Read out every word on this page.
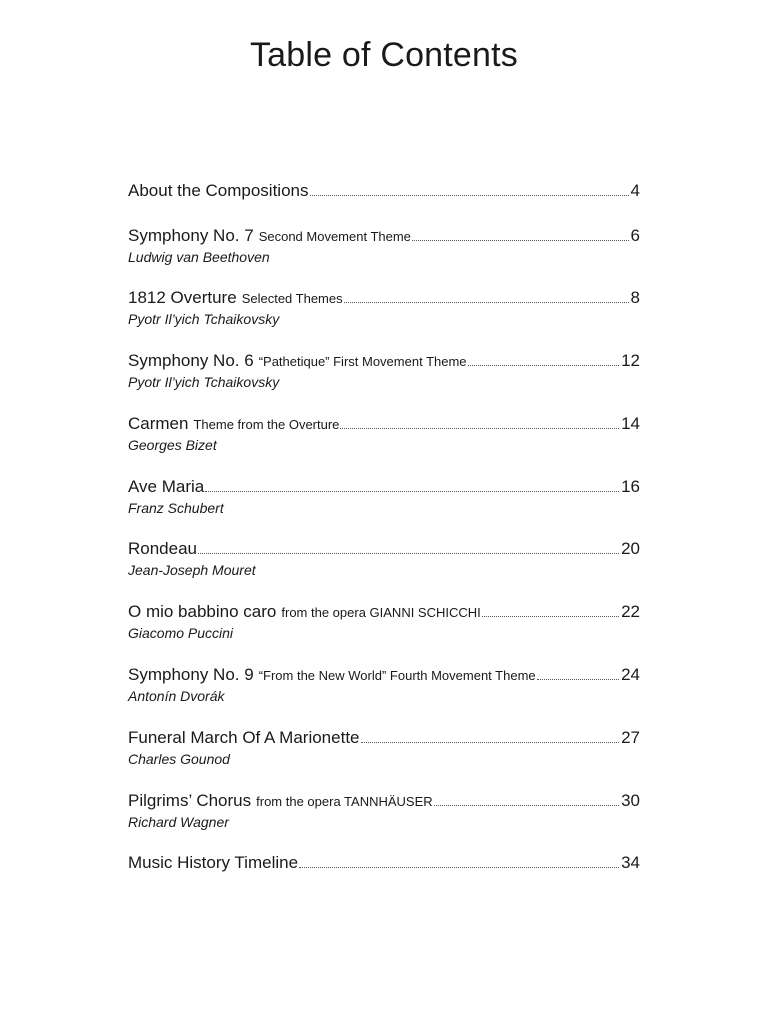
Table of Contents
About the Compositions	4
Symphony No. 7 Second Movement Theme	6
Ludwig van Beethoven
1812 Overture Selected Themes	8
Pyotr Il’yich Tchaikovsky
Symphony No. 6 “Pathetique” First Movement Theme	12
Pyotr Il’yich Tchaikovsky
Carmen Theme from the Overture	14
Georges Bizet
Ave Maria	16
Franz Schubert
Rondeau	20
Jean-Joseph Mouret
O mio babbino caro from the opera GIANNI SCHICCHI	22
Giacomo Puccini
Symphony No. 9 “From the New World” Fourth Movement Theme	24
Antonín Dvorák
Funeral March Of A Marionette	27
Charles Gounod
Pilgrims’ Chorus from the opera TANNHÄUSER	30
Richard Wagner
Music History Timeline	34
